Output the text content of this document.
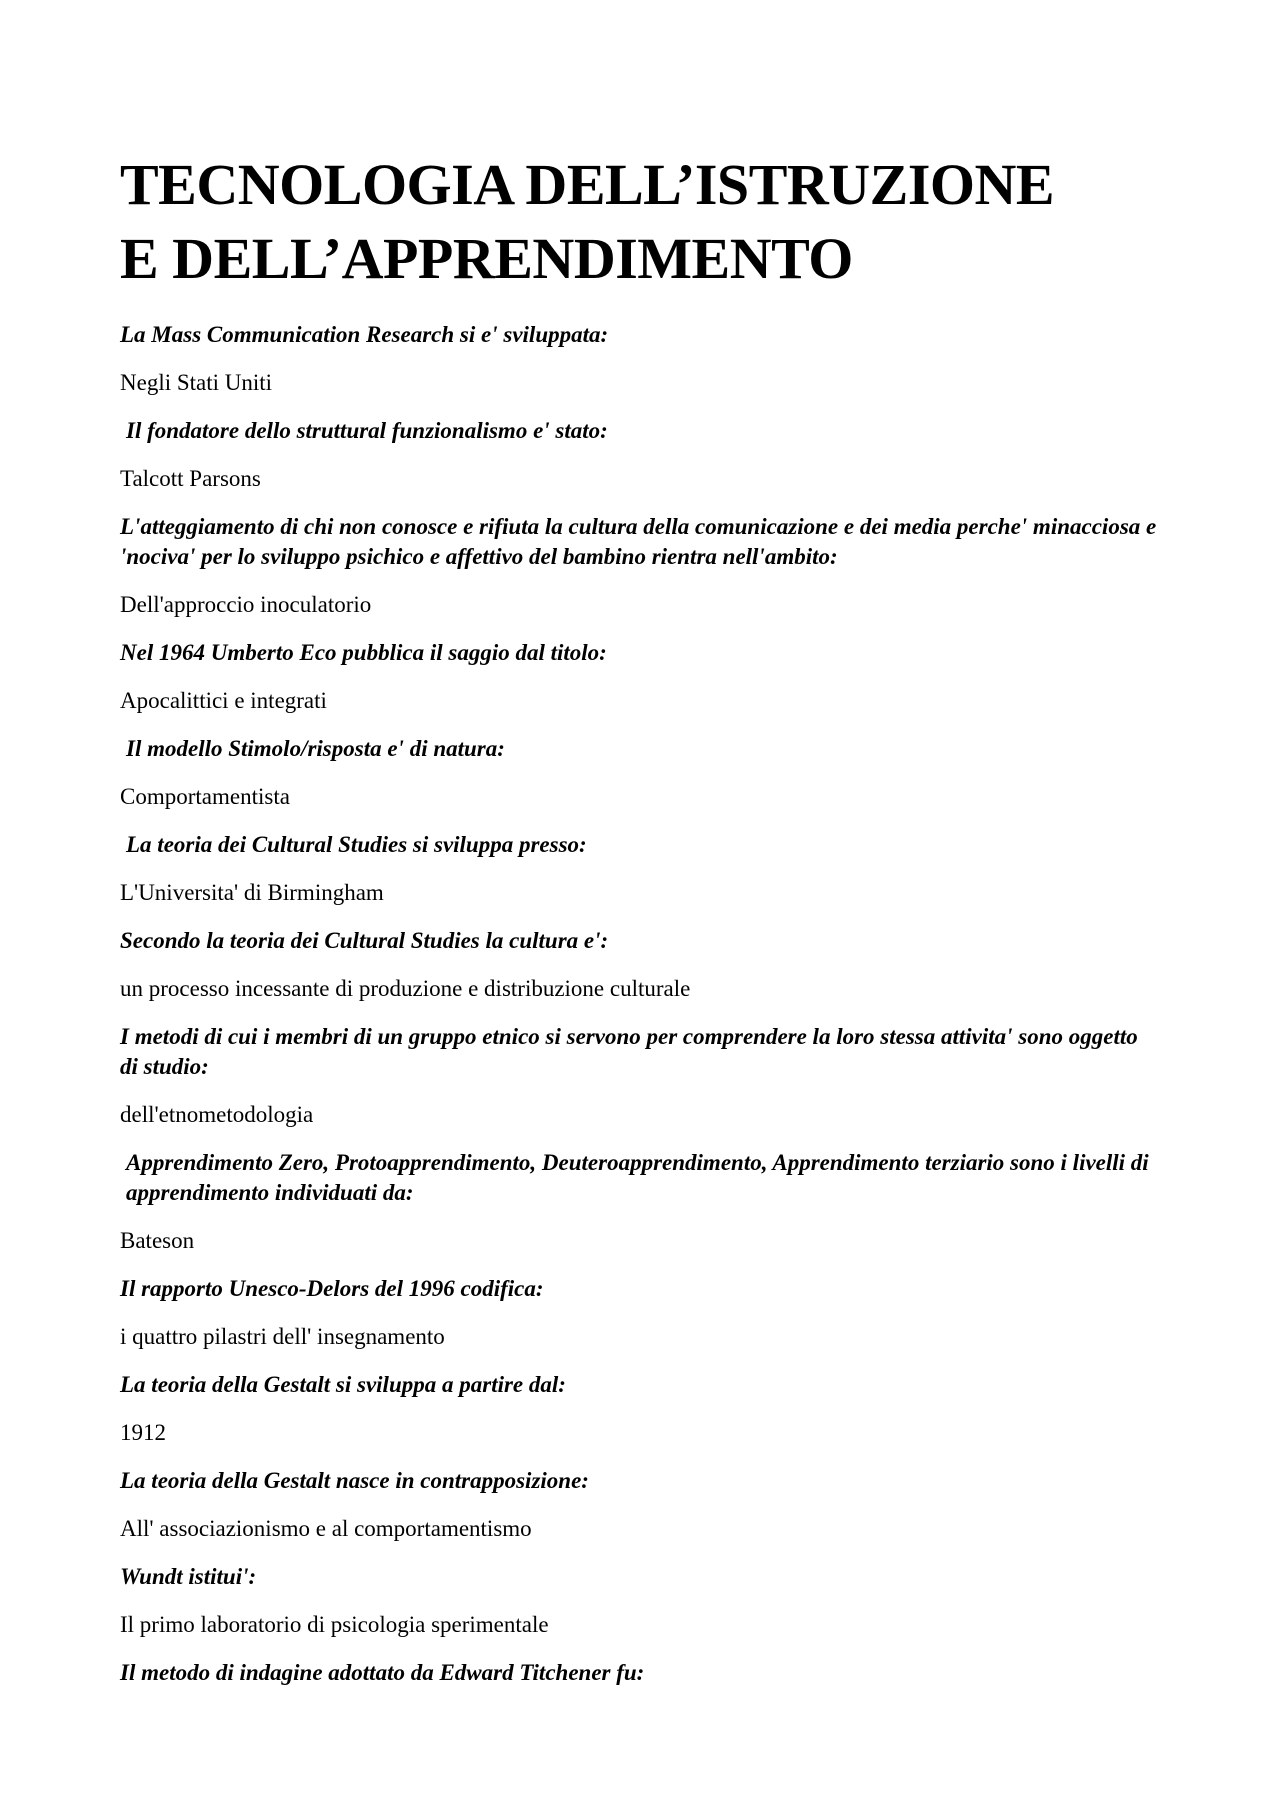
TECNOLOGIA DELL’ISTRUZIONE
E DELL’APPRENDIMENTO

La Mass Communication Research si e' sviluppata:

Negli Stati Uniti

Il fondatore dello struttural funzionalismo e' stato:

Talcott Parsons

L'atteggiamento di chi non conosce e rifiuta la cultura della comunicazione e dei media perche' minacciosa e 'nociva' per lo sviluppo psichico e affettivo del bambino rientra nell'ambito:

Dell'approccio inoculatorio

Nel 1964 Umberto Eco pubblica il saggio dal titolo:

Apocalittici e integrati

Il modello Stimolo/risposta e' di natura:

Comportamentista

La teoria dei Cultural Studies si sviluppa presso:

L'Universita' di Birmingham

Secondo la teoria dei Cultural Studies la cultura e':

un processo incessante di produzione e distribuzione culturale

I metodi di cui i membri di un gruppo etnico si servono per comprendere la loro stessa attivita' sono oggetto di studio:

dell'etnometodologia

Apprendimento Zero, Protoapprendimento, Deuteroapprendimento, Apprendimento terziario sono i livelli di apprendimento individuati da:

Bateson

Il rapporto Unesco-Delors del 1996 codifica:

i quattro pilastri dell' insegnamento

La teoria della Gestalt si sviluppa a partire dal:

1912

La teoria della Gestalt nasce in contrapposizione:

All' associazionismo e al comportamentismo

Wundt istitui':

Il primo laboratorio di psicologia sperimentale

Il metodo di indagine adottato da Edward Titchener fu:
